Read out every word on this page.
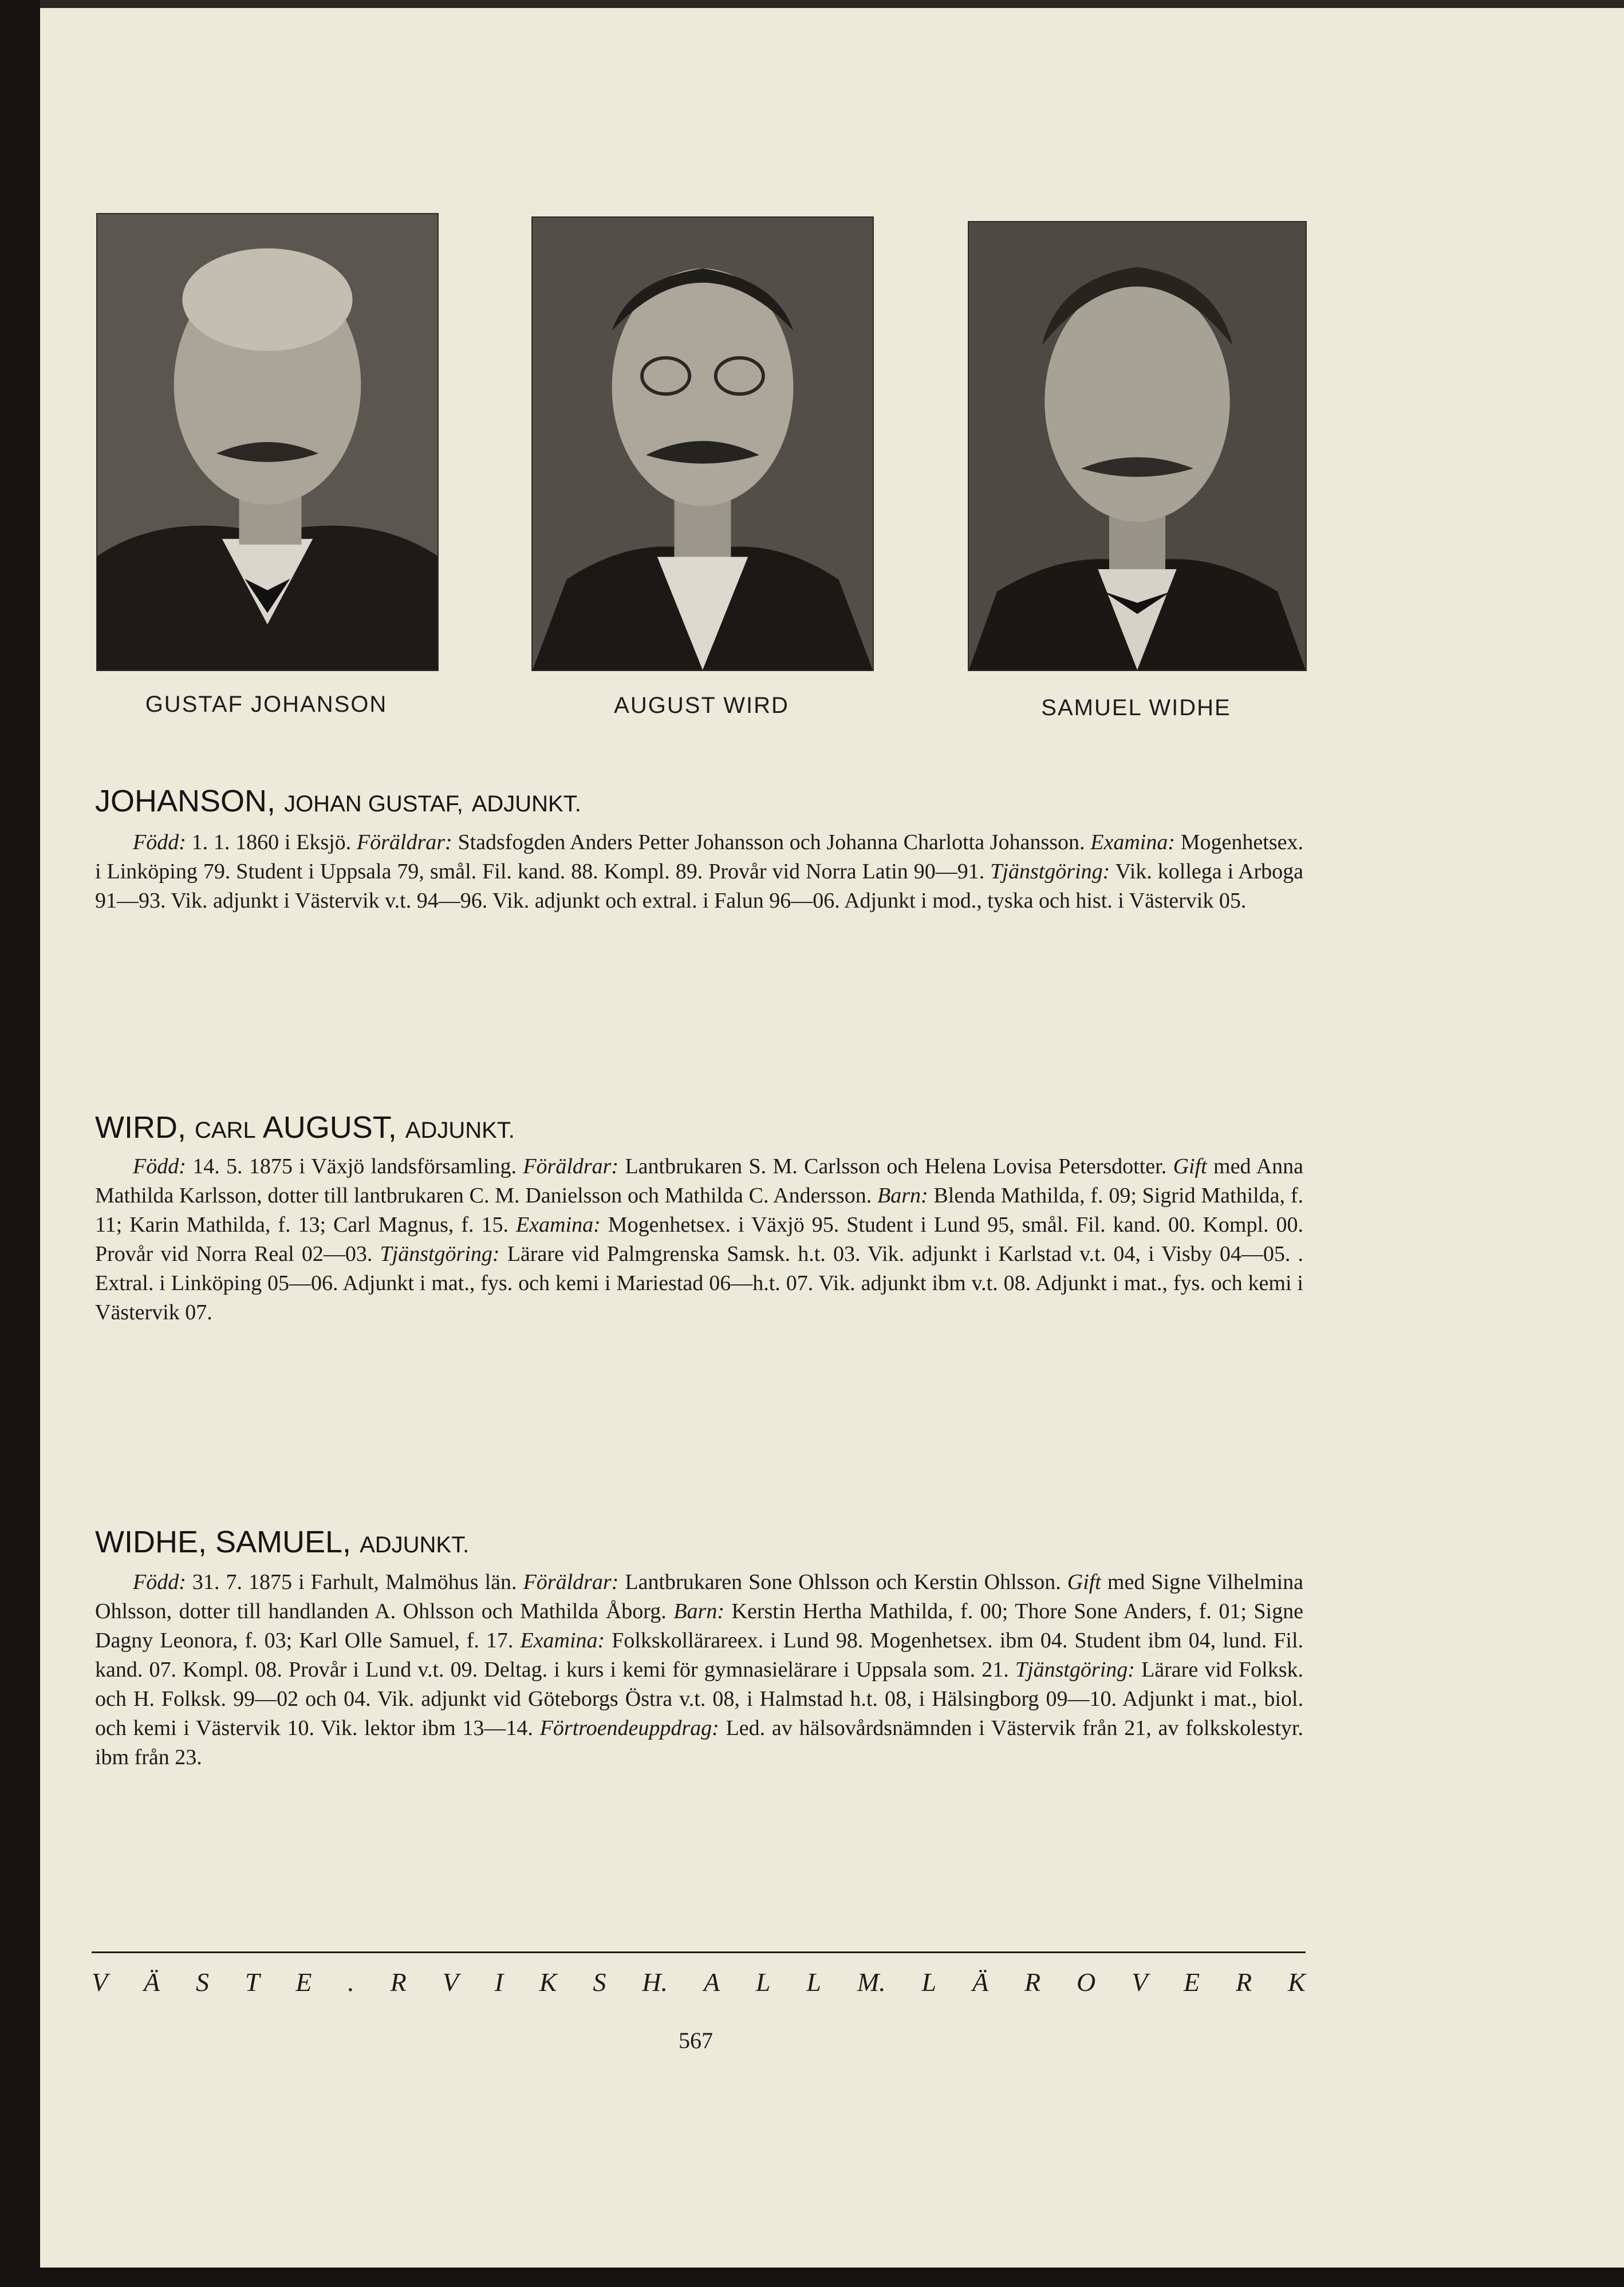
GUSTAF JOHANSON	AUGUST WIRD	SAMUEL WIDHE
JOHANSON, JOHAN GUSTAF, ADJUNKT.

Född: 1. 1. 1860 i Eksjö. Föräldrar: Stadsfogden Anders Petter Johansson och Johanna Charlotta Johansson. Examina: Mogenhetsex. i Linköping 79. Student i Uppsala 79, smål. Fil. kand. 88. Kompl. 89. Provår vid Norra Latin 90—91. Tjänstgöring: Vik. kollega i Arboga 91—93. Vik. adjunkt i Västervik v.t. 94—96. Vik. adjunkt och extral. i Falun 96—06. Adjunkt i mod., tyska och hist. i Västervik 05.

WIRD, CARL AUGUST, ADJUNKT.

Född: 14. 5. 1875 i Växjö landsförsamling. Föräldrar: Lantbrukaren S. M. Carlsson och Helena Lovisa Petersdotter. Gift med Anna Mathilda Karlsson, dotter till lantbrukaren C. M. Danielsson och Mathilda C. Andersson. Barn: Blenda Mathilda, f. 09; Sigrid Mathilda, f. 11; Karin Mathilda, f. 13; Carl Magnus, f. 15. Examina: Mogenhetsex. i Växjö 95. Student i Lund 95, smål. Fil. kand. 00. Kompl. 00. Provår vid Norra Real 02—03. Tjänstgöring: Lärare vid Palmgrenska Samsk. h.t. 03. Vik. adjunkt i Karlstad v.t. 04, i Visby 04—05. . Extral. i Linköping 05—06. Adjunkt i mat., fys. och kemi i Mariestad 06—h.t. 07. Vik. adjunkt ibm v.t. 08. Adjunkt i mat., fys. och kemi i Västervik 07.

WIDHE, SAMUEL, ADJUNKT.

Född: 31. 7. 1875 i Farhult, Malmöhus län. Föräldrar: Lantbrukaren Sone Ohlsson och Kerstin Ohlsson. Gift med Signe Vilhelmina Ohlsson, dotter till handlanden A. Ohlsson och Mathilda Åborg. Barn: Kerstin Hertha Mathilda, f. 00; Thore Sone Anders, f. 01; Signe Dagny Leonora, f. 03; Karl Olle Samuel, f. 17. Examina: Folkskollärareex. i Lund 98. Mogenhetsex. ibm 04. Student ibm 04, lund. Fil. kand. 07. Kompl. 08. Provår i Lund v.t. 09. Deltag. i kurs i kemi för gymnasielärare i Uppsala som. 21. Tjänstgöring: Lärare vid Folksk. och H. Folksk. 99—02 och 04. Vik. adjunkt vid Göteborgs Östra v.t. 08, i Halmstad h.t. 08, i Hälsingborg 09—10. Adjunkt i mat., biol. och kemi i Västervik 10. Vik. lektor ibm 13—14. Förtroendeuppdrag: Led. av hälsovårdsnämnden i Västervik från 21, av folkskolestyr. ibm från 23.

V Ä S T E . R V I K S H. A L L M. L Ä R O V E R K
567
